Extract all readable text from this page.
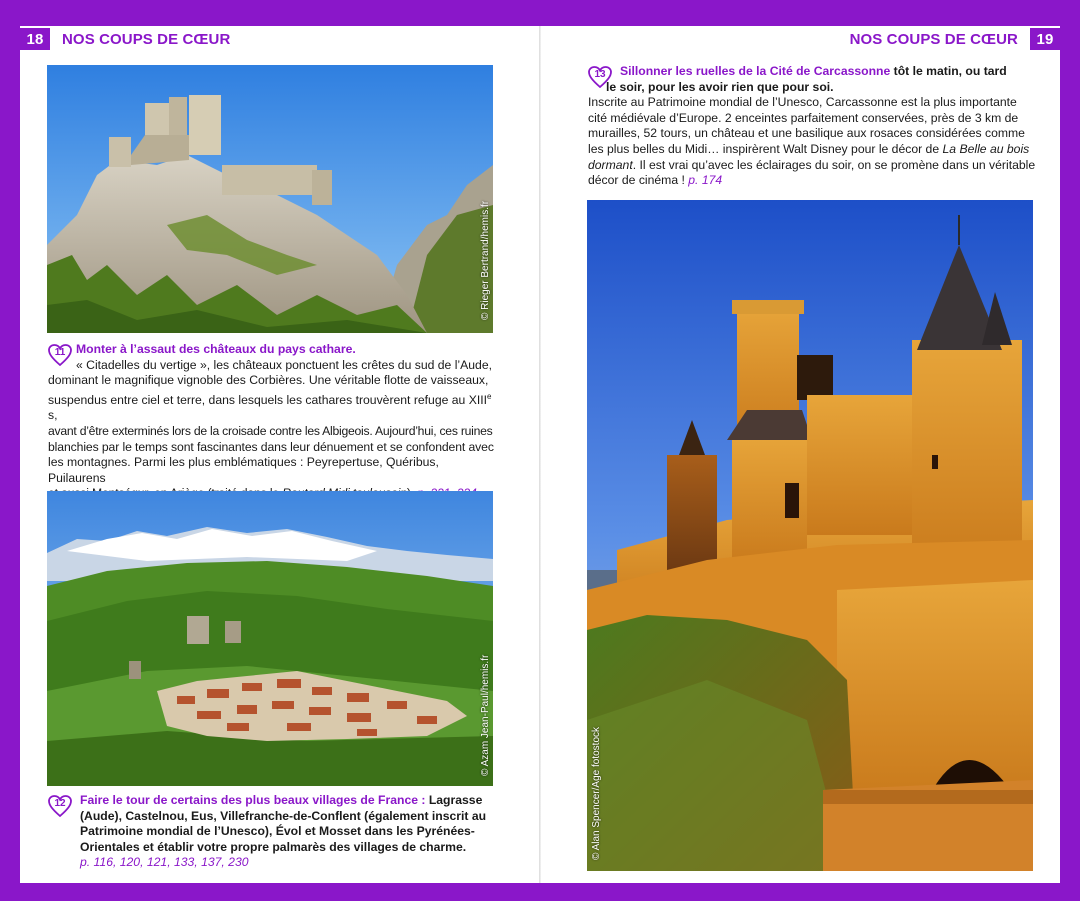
18	NOS COUPS DE CŒUR	NOS COUPS DE CŒUR	19
© Rieger Bertrand/hemis.fr
11 Monter à l’assaut des châteaux du pays cathare.
« Citadelles du vertige », les châteaux ponctuent les crêtes du sud de l’Aude,
dominant le magnifique vignoble des Corbières. Une véritable flotte de vaisseaux,
suspendus entre ciel et terre, dans lesquels les cathares trouvèrent refuge au XIIIe s,
avant d’être exterminés lors de la croisade contre les Albigeois. Aujourd’hui, ces ruines
blanchies par le temps sont fascinantes dans leur dénuement et se confondent avec
les montagnes. Parmi les plus emblématiques : Peyrepertuse, Quéribus, Puilaurens
© Azam Jean-Paul/hemis.fr
12	Faire le tour de certains des plus beaux villages de France : Lagrasse
(Aude), Castelnou, Eus, Villefranche-de-Conflent (également inscrit au
Patrimoine mondial de l’Unesco), Évol et Mosset dans les Pyrénées-
Orientales et établir votre propre palmarès des villages de charme.
p. 116, 120, 121, 133, 137, 230
13	Sillonner les ruelles de la Cité de Carcassonne tôt le matin, ou tard
le soir, pour les avoir rien que pour soi.
Inscrite au Patrimoine mondial de l’Unesco, Carcassonne est la plus importante
cité médiévale d’Europe. 2 enceintes parfaitement conservées, près de 3 km de
murailles, 52 tours, un château et une basilique aux rosaces considérées comme
les plus belles du Midi… inspirèrent Walt Disney pour le décor de La Belle au bois
dormant. Il est vrai qu’avec les éclairages du soir, on se promène dans un véritable
décor de cinéma ! p. 174
© Alan Spencer/Age fotostock
